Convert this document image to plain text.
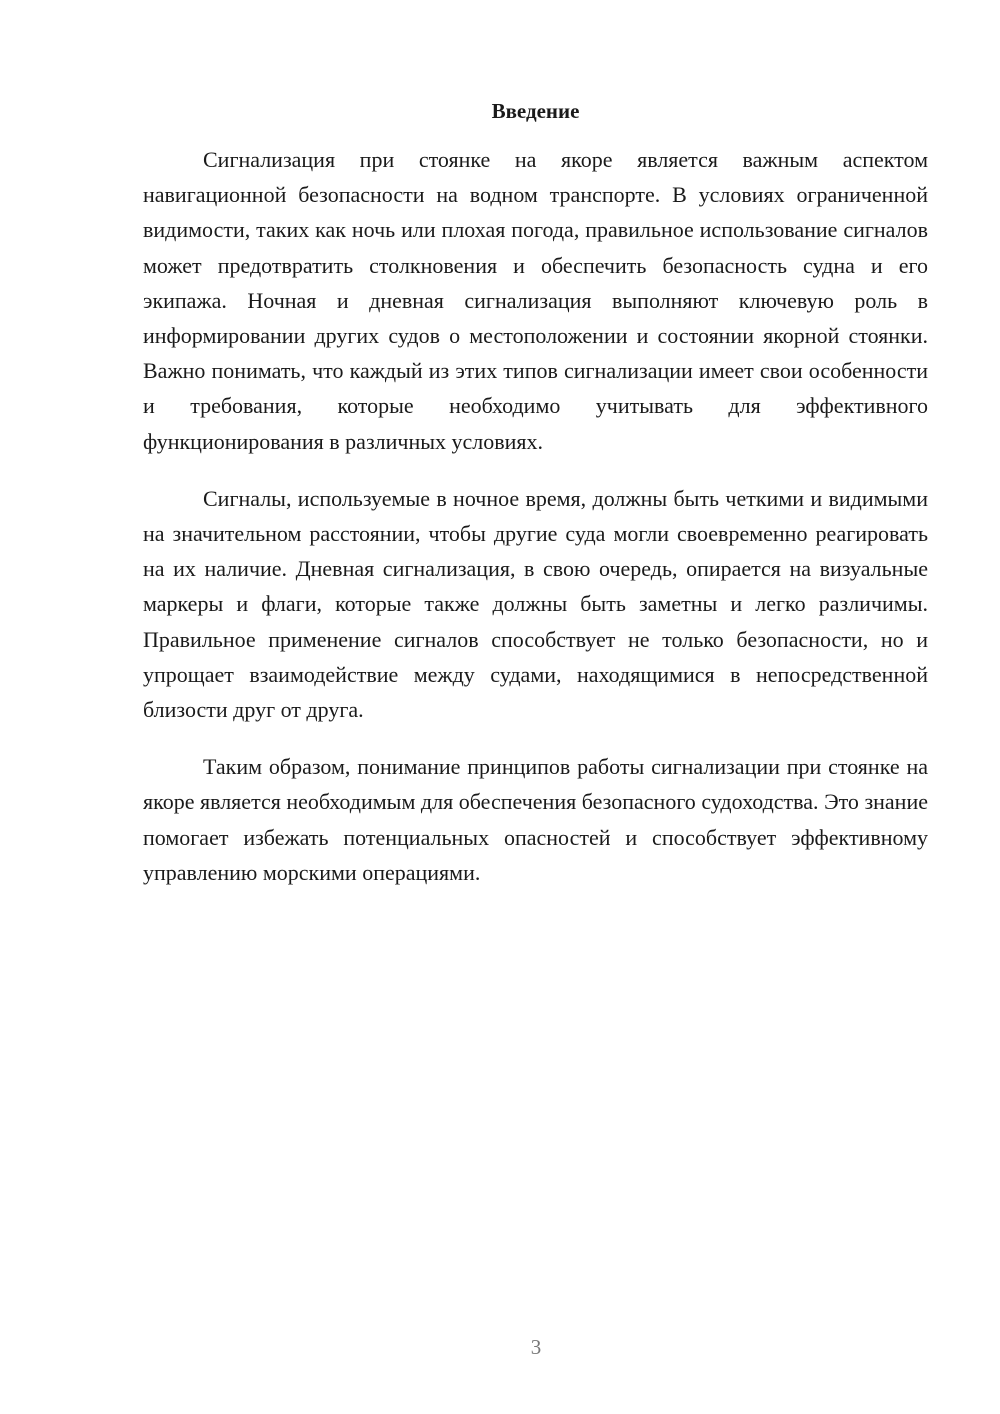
Введение

Сигнализация при стоянке на якоре является важным аспектом навигационной безопасности на водном транспорте. В условиях ограниченной видимости, таких как ночь или плохая погода, правильное использование сигналов может предотвратить столкновения и обеспечить безопасность судна и его экипажа. Ночная и дневная сигнализация выполняют ключевую роль в информировании других судов о местоположении и состоянии якорной стоянки. Важно понимать, что каждый из этих типов сигнализации имеет свои особенности и требования, которые необходимо учитывать для эффективного функционирования в различных условиях.

Сигналы, используемые в ночное время, должны быть четкими и видимыми на значительном расстоянии, чтобы другие суда могли своевременно реагировать на их наличие. Дневная сигнализация, в свою очередь, опирается на визуальные маркеры и флаги, которые также должны быть заметны и легко различимы. Правильное применение сигналов способствует не только безопасности, но и упрощает взаимодействие между судами, находящимися в непосредственной близости друг от друга.

Таким образом, понимание принципов работы сигнализации при стоянке на якоре является необходимым для обеспечения безопасного судоходства. Это знание помогает избежать потенциальных опасностей и способствует эффективному управлению морскими операциями.

3
